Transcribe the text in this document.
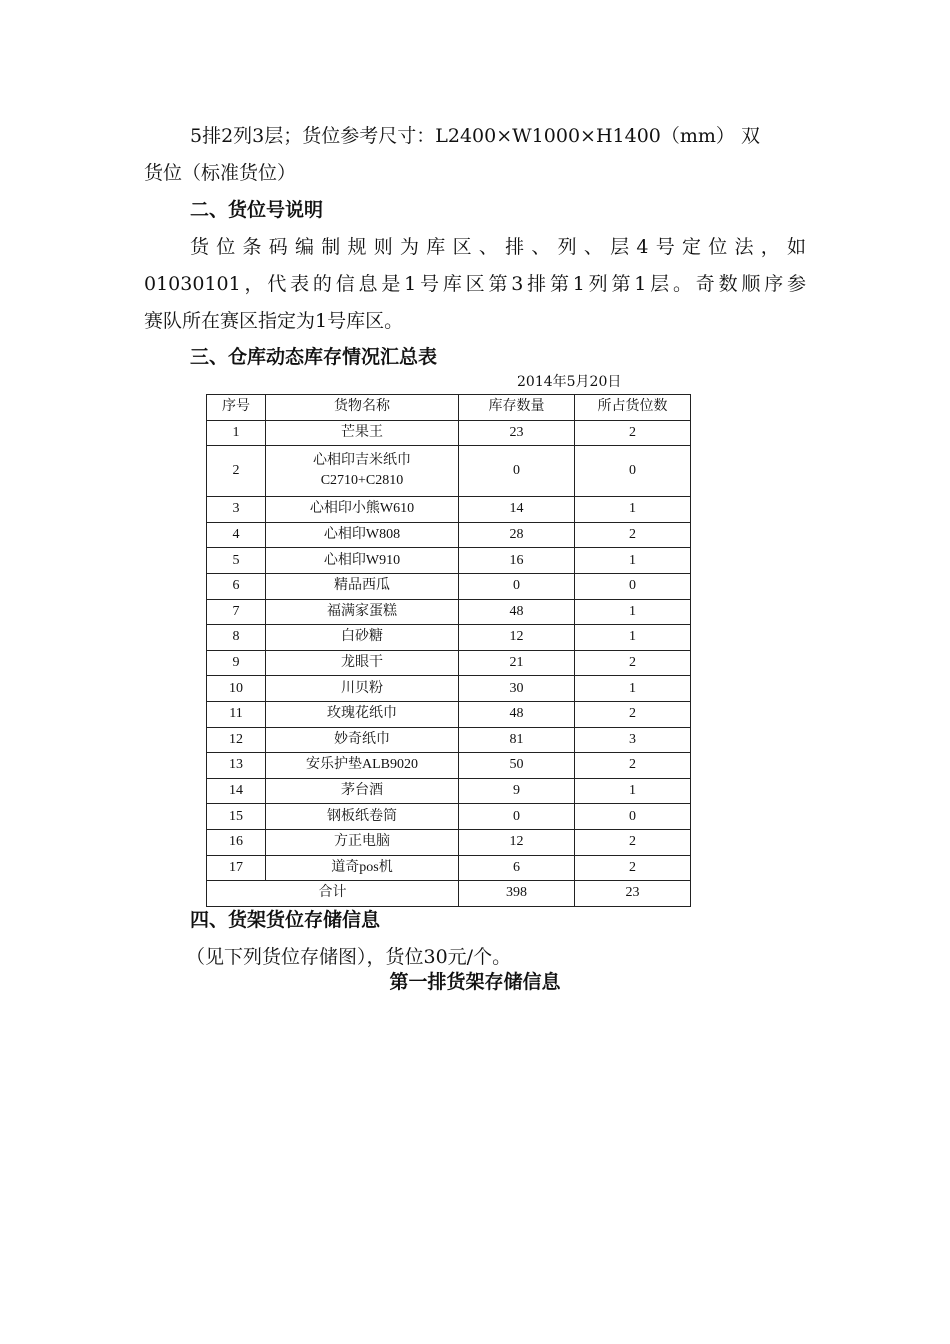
5排2列3层；货位参考尺寸：L2400×W1000×H1400（mm） 双
货位（标准货位）
二、货位号说明
货位条码编制规则为库区、排、列、层4号定位法，如
01030101，代表的信息是1号库区第3排第1列第1层。奇数顺序参
赛队所在赛区指定为1号库区。
三、仓库动态库存情况汇总表
2014年5月20日
序号	货物名称	库存数量	所占货位数
1	芒果王	23	2
2	心相印吉米纸巾
C2710+C2810	0	0
3	心相印小熊W610	14	1
4	心相印W808	28	2
5	心相印W910	16	1
6	精品西瓜	0	0
7	福满家蛋糕	48	1
8	白砂糖	12	1
9	龙眼干	21	2
10	川贝粉	30	1
11	玫瑰花纸巾	48	2
12	妙奇纸巾	81	3
13	安乐护垫ALB9020	50	2
14	茅台酒	9	1
15	钢板纸卷筒	0	0
16	方正电脑	12	2
17	道奇pos机	6	2
合计		398	23
四、货架货位存储信息
（见下列货位存储图），货位30元/个。
第一排货架存储信息
